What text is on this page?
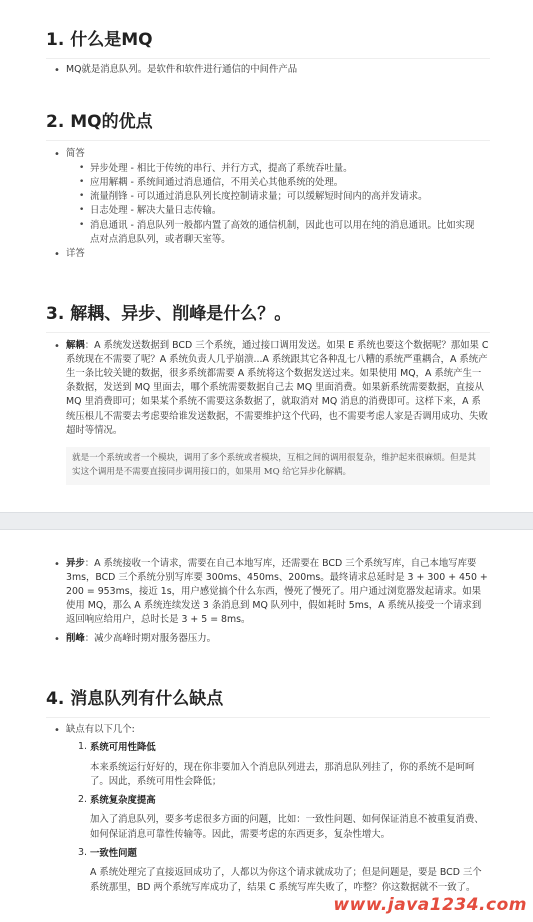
1. 什么是MQ
• MQ就是消息队列。是软件和软件进行通信的中间件产品
2. MQ的优点
• 简答
• 异步处理 - 相比于传统的串行、并行方式，提高了系统吞吐量。
• 应用解耦 - 系统间通过消息通信，不用关心其他系统的处理。
• 流量削锋 - 可以通过消息队列长度控制请求量；可以缓解短时间内的高并发请求。
• 日志处理 - 解决大量日志传输。
• 消息通讯 - 消息队列一般都内置了高效的通信机制，因此也可以用在纯的消息通讯。比如实现点对点消息队列，或者聊天室等。
• 详答
3. 解耦、异步、削峰是什么？。
• 解耦：A 系统发送数据到 BCD 三个系统，通过接口调用发送。如果 E 系统也要这个数据呢？那如果 C 系统现在不需要了呢？A 系统负责人几乎崩溃...A 系统跟其它各种乱七八糟的系统严重耦合，A 系统产生一条比较关键的数据，很多系统都需要 A 系统将这个数据发送过来。如果使用 MQ，A 系统产生一条数据，发送到 MQ 里面去，哪个系统需要数据自己去 MQ 里面消费。如果新系统需要数据，直接从 MQ 里消费即可；如果某个系统不需要这条数据了，就取消对 MQ 消息的消费即可。这样下来，A 系统压根儿不需要去考虑要给谁发送数据，不需要维护这个代码，也不需要考虑人家是否调用成功、失败超时等情况。
就是一个系统或者一个模块，调用了多个系统或者模块，互相之间的调用很复杂，维护起来很麻烦。但是其实这个调用是不需要直接同步调用接口的，如果用 MQ 给它异步化解耦。
• 异步：A 系统接收一个请求，需要在自己本地写库，还需要在 BCD 三个系统写库，自己本地写库要 3ms，BCD 三个系统分别写库要 300ms、450ms、200ms。最终请求总延时是 3 + 300 + 450 + 200 = 953ms，接近 1s，用户感觉搞个什么东西，慢死了慢死了。用户通过浏览器发起请求。如果使用 MQ，那么 A 系统连续发送 3 条消息到 MQ 队列中，假如耗时 5ms，A 系统从接受一个请求到返回响应给用户，总时长是 3 + 5 = 8ms。
• 削峰：减少高峰时期对服务器压力。
4. 消息队列有什么缺点
• 缺点有以下几个:
1. 系统可用性降低
本来系统运行好好的，现在你非要加入个消息队列进去，那消息队列挂了，你的系统不是呵呵了。因此，系统可用性会降低；
2. 系统复杂度提高
加入了消息队列，要多考虑很多方面的问题，比如：一致性问题、如何保证消息不被重复消费、如何保证消息可靠性传输等。因此，需要考虑的东西更多，复杂性增大。
3. 一致性问题
A 系统处理完了直接返回成功了，人都以为你这个请求就成功了；但是问题是，要是 BCD 三个系统那里，BD 两个系统写库成功了，结果 C 系统写库失败了，咋整？你这数据就不一致了。
www.java1234.com
